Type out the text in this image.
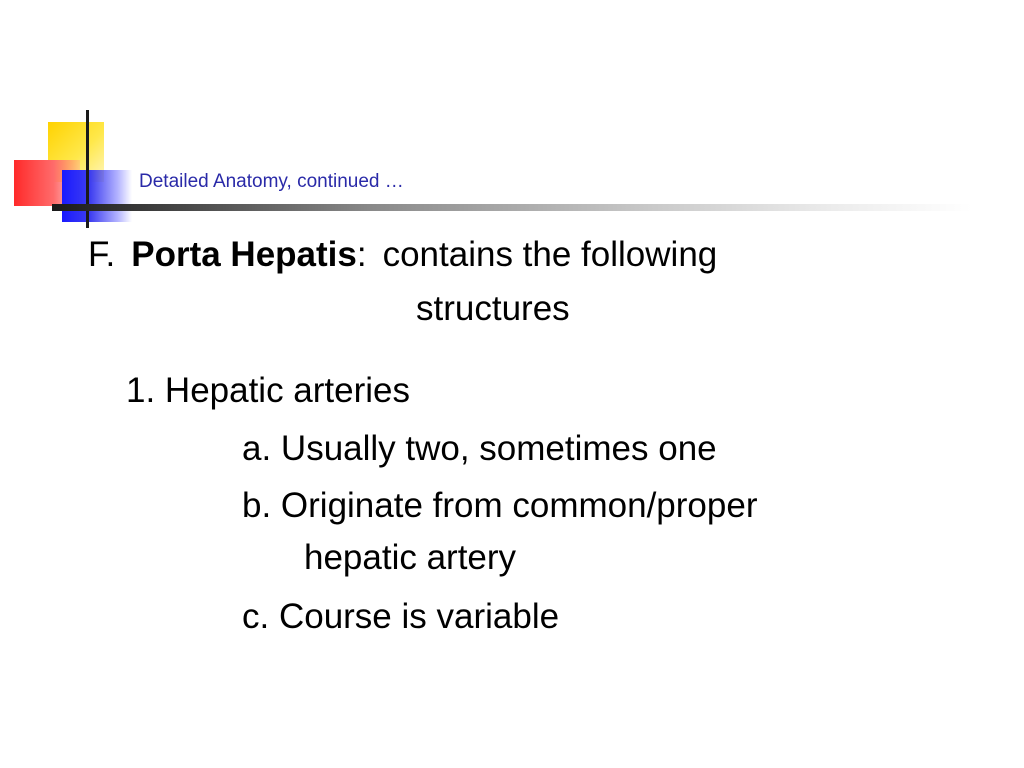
Detailed Anatomy, continued …
F. Porta Hepatis: contains the following
structures
1. Hepatic arteries
a. Usually two, sometimes one
b. Originate from common/proper
hepatic artery
c. Course is variable
